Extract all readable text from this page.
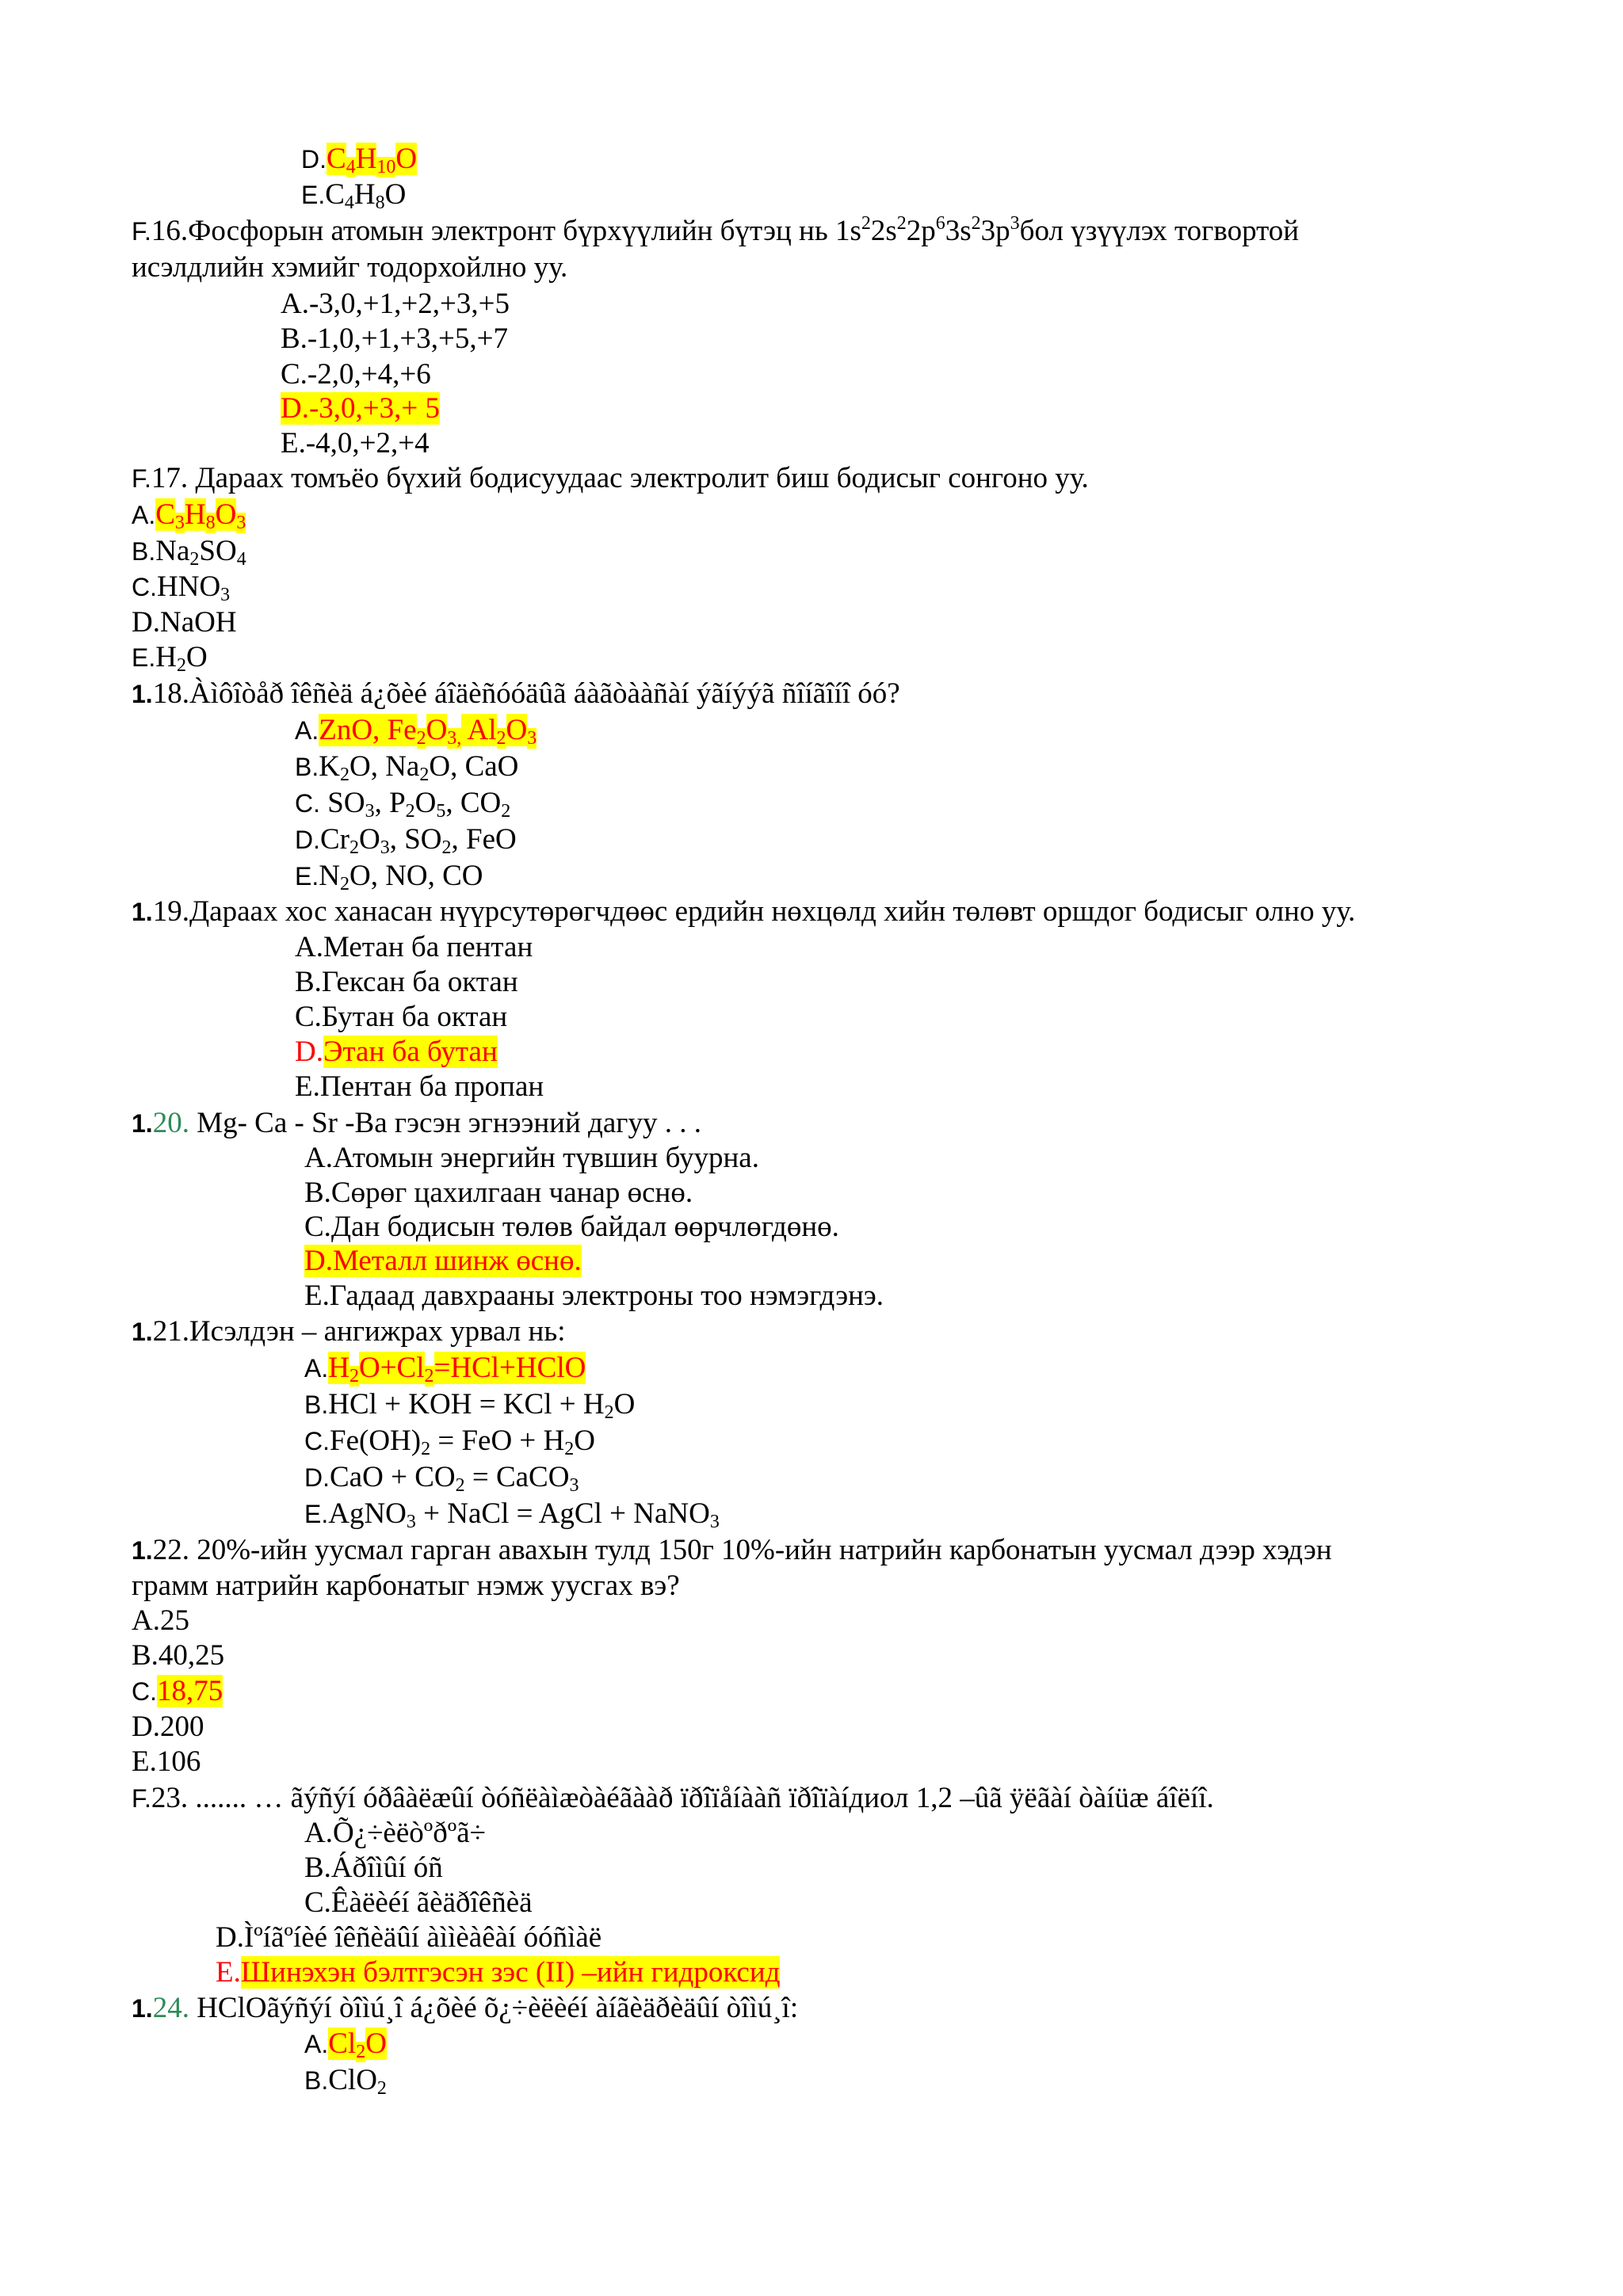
$D.C_4H_{10}O$
$E.C_4H_8O$
F.16.Фосфорын атомын электронт бүрхүүлийн бүтэц нь $1s^22s^22p^63s^23p^3бол$ үзүүлэх тогвортой
исэлдлийн хэмийг тодорхойлно уу.
A.-3,0,+1,+2,+3,+5
B.-1,0,+1,+3,+5,+7
C.-2,0,+4,+6
D.-3,0,+3,+ 5
E.-4,0,+2,+4
F.17. Дараах томъёо бүхий бодисуудаас электролит биш бодисыг сонгоно уу.
$A.C_3H_8O_3$
$B.Na_2SO_4$
$C.HNO_3$
D.NaOH
$E.H_2O$
1.18.Àìôîòåð îêñèä á¿õèé áîäèñóóäûã áàãòààñàí ýãíýýã ñîíãîíî óó?
A.ZnO, $Fe_2O_{3,}$ $Al_2O_3$
$B.K_2O$, $Na_2O$, CaO
C. $SO_3$, $P_2O_5$, $CO_2$
$D.Cr_2O_3$, $SO_2$, FeO
$E.N_2O$, NO, CO
1.19.Дараах хос ханасан нүүрсутөрөгчдөөс ердийн нөхцөлд хийн төлөвт оршдог бодисыг олно уу.
A.Метан ба пентан
B.Гексан ба октан
C.Бутан ба октан
D.Этан ба бутан
E.Пентан ба пропан
1.20. Mg- Ca - Sr -Ba гэсэн эгнээний дагуу . . .
A.Атомын энергийн түвшин буурна.
B.Сөрөг цахилгаан чанар өснө.
C.Дан бодисын төлөв байдал өөрчлөгдөнө.
D.Металл шинж өснө.
E.Гадаад давхрааны электроны тоо нэмэгдэнэ.
1.21.Исэлдэн – ангижрах урвал нь:
$A.H_2O+Cl_2=HCl+HClO$
B.HCl + KOH = KCl + $H_2O$
$C.Fe(OH)_2$ = FeO + $H_2O$
$D.CaO + CO_2$ = CaCO$_3$
E.AgNO$_3$ + NaCl = AgCl + NaNO$_3$
1.22. 20%-ийн уусмал гарган авахын тулд 150г 10%-ийн натрийн карбонатын уусмал дээр хэдэн
грамм натрийн карбонатыг нэмж уусгах вэ?
A.25
B.40,25
C.18,75
D.200
E.106
F.23. ....... … ãýñýí óðâàëæûí òóñëàìæòàéãààð ïðîïåíààñ ïðîïàíдиол 1,2 –ûã ÿëãàí òàíüæ áîëíî.
A.Õ¿÷èëòºðºã÷
B.Áðîìûí óñ
C.Êàëèéí ãèäðîêñèä
D.Ìºíãºíèé îêñèäûí àììèàêàí óóñìàë
E.Шинэхэн бэлтгэсэн зэс (II) –ийн гидроксид
1.24. HClOãýñýí òîìú¸î á¿õèé õ¿÷èëèéí àíãèäðèäûí òîìú¸î:
$A.Cl_2O$
B.ClO$_2$
